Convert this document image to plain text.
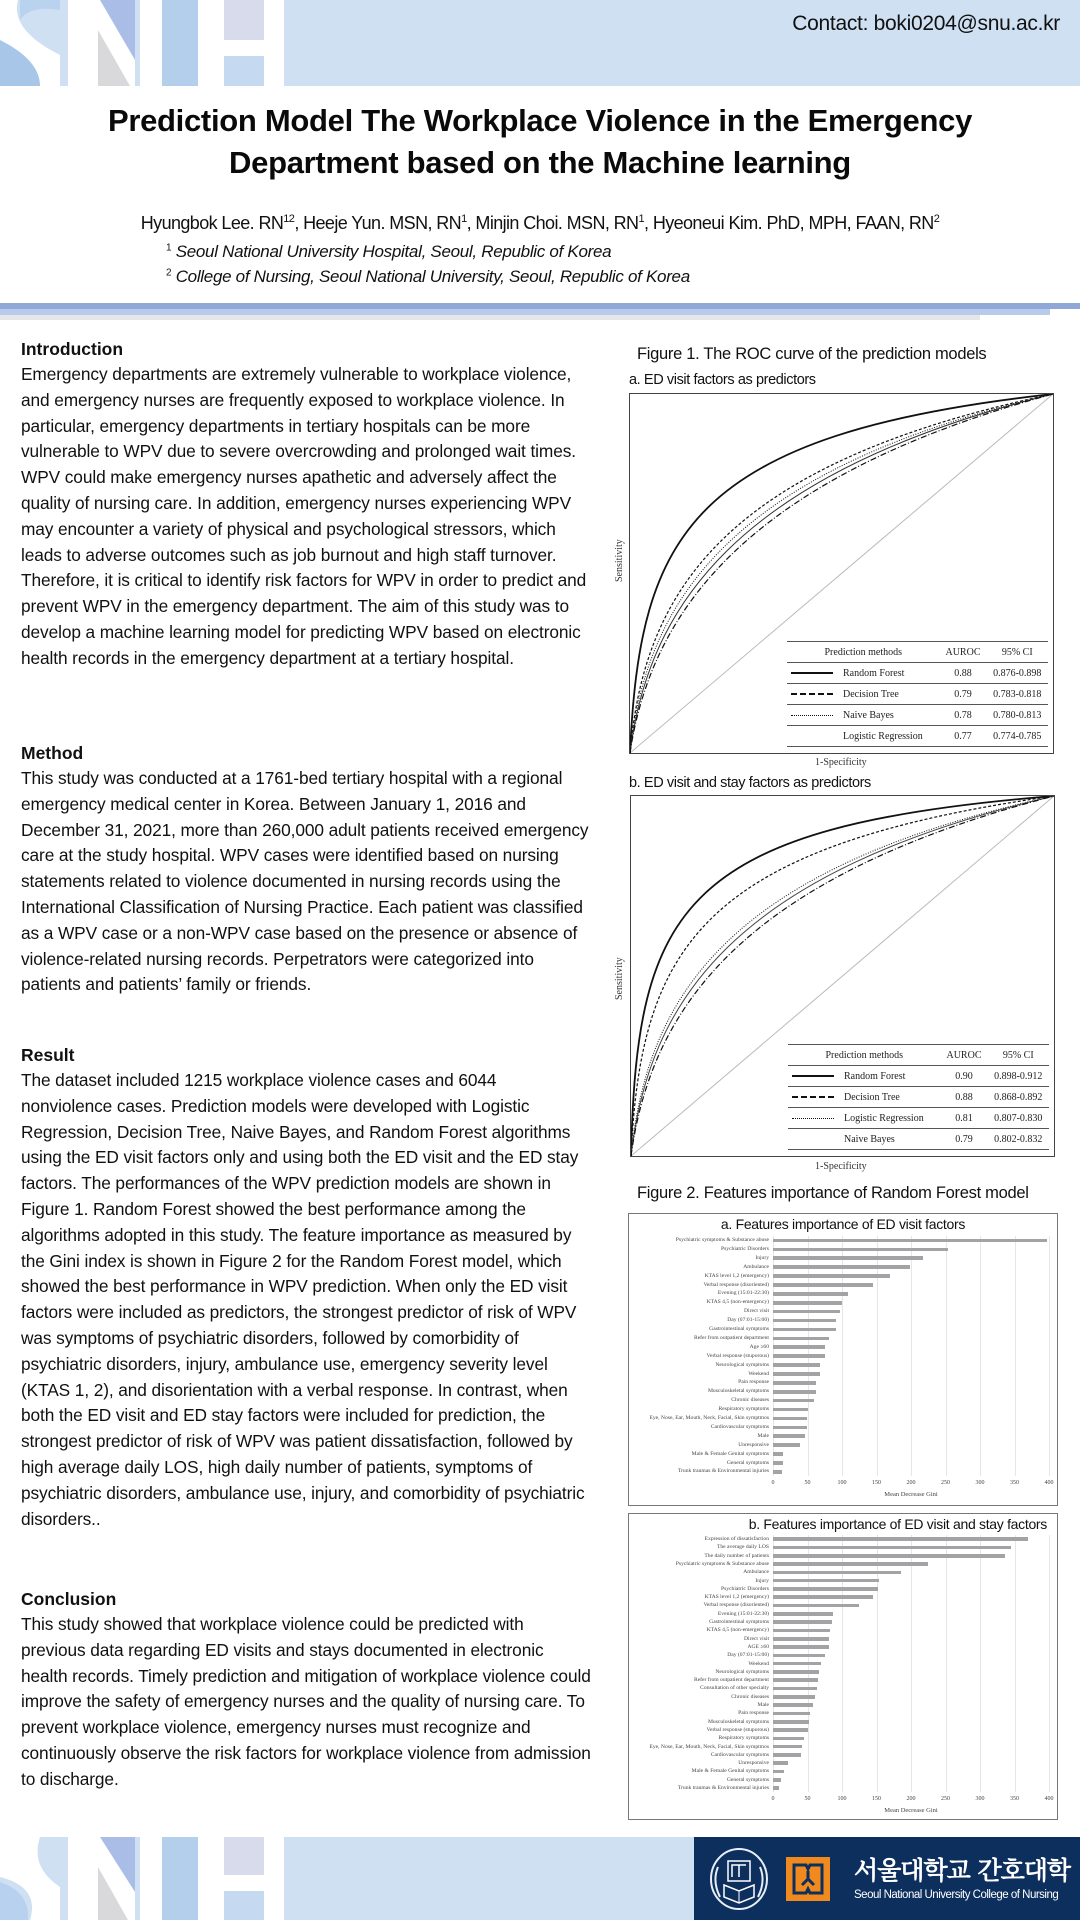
Contact: boki0204@snu.ac.kr
Prediction Model The Workplace Violence in the Emergency
Department based on the Machine learning
Hyungbok Lee. RN$^{12}$, Heeje Yun. MSN, $RN^1$, Minjin Choi. MSN, $RN^1$, Hyeoneui Kim. PhD, MPH, FAAN, $RN^2$
$^1$ Seoul National University Hospital, Seoul, Republic of Korea
$^2$ College of Nursing, Seoul National University, Seoul, Republic of Korea
Introduction

Emergency departments are extremely vulnerable to workplace violence, and emergency nurses are frequently exposed to workplace violence. In particular, emergency departments in tertiary hospitals can be more vulnerable to WPV due to severe overcrowding and prolonged wait times. WPV could make emergency nurses apathetic and adversely affect the quality of nursing care. In addition, emergency nurses experiencing WPV may encounter a variety of physical and psychological stressors, which leads to adverse outcomes such as job burnout and high staff turnover. Therefore, it is critical to identify risk factors for WPV in order to predict and prevent WPV in the emergency department. The aim of this study was to develop a machine learning model for predicting WPV based on electronic health records in the emergency department at a tertiary hospital.

Method

This study was conducted at a 1761-bed tertiary hospital with a regional emergency medical center in Korea. Between January 1, 2016 and December 31, 2021, more than 260,000 adult patients received emergency care at the study hospital. WPV cases were identified based on nursing statements related to violence documented in nursing records using the International Classification of Nursing Practice. Each patient was classified as a WPV case or a non-WPV case based on the presence or absence of violence-related nursing records. Perpetrators were categorized into patients and patients’ family or friends.

Result

The dataset included 1215 workplace violence cases and 6044 nonviolence cases. Prediction models were developed with Logistic Regression, Decision Tree, Naive Bayes, and Random Forest algorithms using the ED visit factors only and using both the ED visit and the ED stay factors. The performances of the WPV prediction models are shown in Figure 1. Random Forest showed the best performance among the algorithms adopted in this study. The feature importance as measured by the Gini index is shown in Figure 2 for the Random Forest model, which showed the best performance in WPV prediction. When only the ED visit factors were included as predictors, the strongest predictor of risk of WPV was symptoms of psychiatric disorders, followed by comorbidity of psychiatric disorders, injury, ambulance use, emergency severity level (KTAS 1, 2), and disorientation with a verbal response. In contrast, when both the ED visit and ED stay factors were included for prediction, the strongest predictor of risk of WPV was patient dissatisfaction, followed by high average daily LOS, high daily number of patients, symptoms of psychiatric disorders, ambulance use, injury, and comorbidity of psychiatric disorders..

Conclusion

This study showed that workplace violence could be predicted with previous data regarding ED visits and stays documented in electronic health records. Timely prediction and mitigation of workplace violence could improve the safety of emergency nurses and the quality of nursing care. To prevent workplace violence, emergency nurses must recognize and continuously observe the risk factors for workplace violence from admission to discharge.

Figure 1. The ROC curve of the prediction models
a. ED visit factors as predictors
Sensitivity
Prediction methods	AUROC	95% CI
Random Forest	0.88	0.876-0.898
Decision Tree	0.79	0.783-0.818
Naive Bayes	0.78	0.780-0.813
Logistic Regression	0.77	0.774-0.785
1-Specificity
b. ED visit and stay factors as predictors
Sensitivity
Prediction methods	AUROC	95% CI
Random Forest	0.90	0.898-0.912
Decision Tree	0.88	0.868-0.892
Logistic Regression	0.81	0.807-0.830
Naive Bayes	0.79	0.802-0.832
1-Specificity
Figure 2. Features importance of Random Forest model
a. Features importance of ED visit factors
0	50	100	150	200	250	300	350	400
Psychiatric symptoms & Substance abuse
Psychiatric Disorders
Injury
Ambulance
KTAS level 1,2 (emergency)
Verbal response (disoriented)
Evening (15:01-22:30)
KTAS 4,5 (non-emergency)
Direct visit
Day (07:01-15:00)
Gastrointestinal symptoms
Refer from outpatient department
Age ≥60
Verbal response (stuporous)
Neurological symptoms
Weekend
Pain response
Musculoskeletal symptoms
Chronic diseases
Respiratory symptoms
Eye, Nose, Ear, Mouth, Neck, Facial, Skin symptmos
Cardiovascular symptoms
Male
Unresponsive
Male & Female Genital symptoms
General symptoms
Trunk traumas & Environmental injuries
Mean Decrease Gini
b. Features importance of ED visit and stay factors
0	50	100	150	200	250	300	350	400
Expression of dissatisfaction
The average daily LOS
The daily number of patients
Psychiatric symptoms & Substance abuse
Ambulance
Injury
Psychiatric Disorders
KTAS level 1,2 (emergency)
Verbal response (disoriented)
Evening (15:01-22:30)
Gastrointestinal symptoms
KTAS 4,5 (non-emergency)
Direct visit
AGE ≥60
Day (07:01-15:00)
Weekend
Neurological symptoms
Refer from outpatient department
Consultation of other specialty
Chronic diseases
Male
Pain response
Musculoskeletal symptoms
Verbal response (stuporous)
Respiratory symptoms
Eye, Nose, Ear, Mouth, Neck, Facial, Skin symptmos
Cardiovascular symptoms
Unresponsive
Male & Female Genital symptoms
General symptoms
Trunk traumas & Environmental injuries
Mean Decrease Gini
서울대학교 간호대학
Seoul National University College of Nursing
